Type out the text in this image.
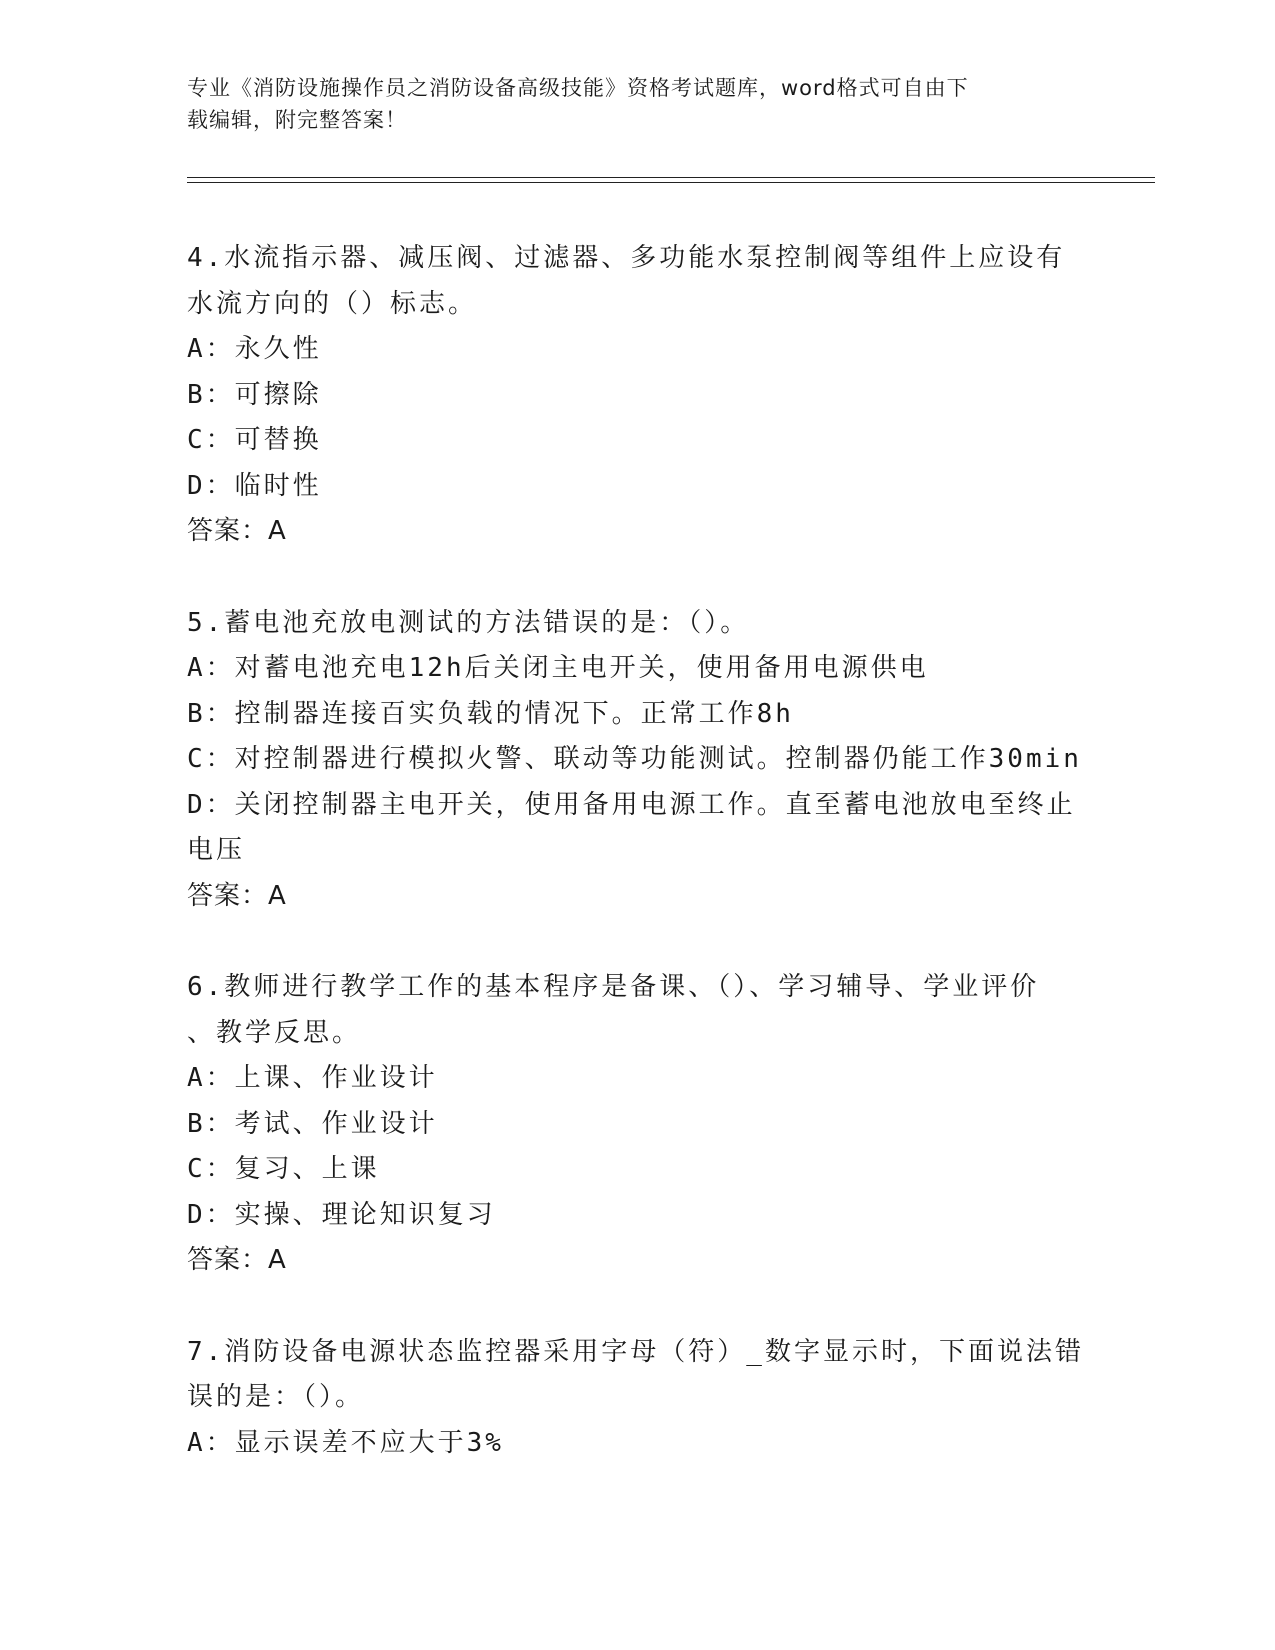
专业《消防设施操作员之消防设备高级技能》资格考试题库，word格式可自由下
载编辑，附完整答案！
4.水流指示器、减压阀、过滤器、多功能水泵控制阀等组件上应设有
水流方向的（）标志。
A：永久性
B：可擦除
C：可替换
D：临时性
答案：A
5.蓄电池充放电测试的方法错误的是：（）。
A：对蓄电池充电12h后关闭主电开关，使用备用电源供电
B：控制器连接百实负载的情况下。正常工作8h
C：对控制器进行模拟火警、联动等功能测试。控制器仍能工作30min
D：关闭控制器主电开关，使用备用电源工作。直至蓄电池放电至终止
电压
答案：A
6.教师进行教学工作的基本程序是备课、（）、学习辅导、学业评价
、教学反思。
A：上课、作业设计
B：考试、作业设计
C：复习、上课
D：实操、理论知识复习
答案：A
7.消防设备电源状态监控器采用字母（符）_数字显示时，下面说法错
误的是：（）。
A：显示误差不应大于3%
